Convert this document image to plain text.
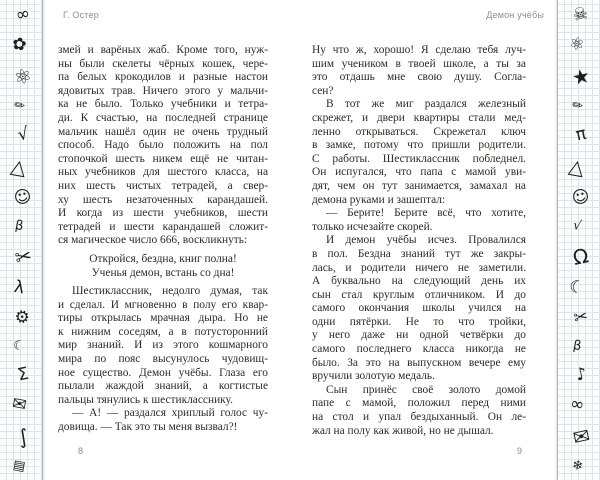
∞
✿
⚛
✏
√
△
☺
β
✂
λ
⚙
☾
Σ
✉
∫
▤
☠
⚛
★
✏
π
△
☺
√
Ω
☾
✂
β
♪
∞
✉
❄
Г. Остер
змей и варёных жаб. Кроме того, нуж-
ны были скелеты чёрных кошек, чере-
па белых крокодилов и разные настои
ядовитых трав. Ничего этого у мальчи-
ка не было. Только учебники и тетра-
ди. К счастью, на последней странице
мальчик нашёл один не очень трудный
способ. Надо было положить на пол
стопочкой шесть никем ещё не читан-
ных учебников для шестого класса, на
них шесть чистых тетрадей, а свер-
ху шесть незаточенных карандашей.
И когда из шести учебников, шести
тетрадей и шести карандашей сложит-
ся магическое число 666, воскликнуть:
Откройся, бездна, книг полна!
Ученья демон, встань со дна!
Шестиклассник, недолго думая, так
и сделал. И мгновенно в полу его квар-
тиры открылась мрачная дыра. Но не
к нижним соседям, а в потусторонний
мир знаний. И из этого кошмарного
мира по пояс высунулось чудовищ-
ное существо. Демон учёбы. Глаза его
пылали жаждой знаний, а когтистые
пальцы тянулись к шестикласснику.
— А! — раздался хриплый голос чу-
довища. — Так это ты меня вызвал?!
8
Демон учёбы
Ну что ж, хорошо! Я сделаю тебя луч-
шим учеником в твоей школе, а ты за
это отдашь мне свою душу. Согла-
сен?
В тот же миг раздался железный
скрежет, и двери квартиры стали мед-
ленно открываться. Скрежетал ключ
в замке, потому что пришли родители.
С работы. Шестиклассник побледнел.
Он испугался, что папа с мамой уви-
дят, чем он тут занимается, замахал на
демона руками и зашептал:
— Берите! Берите всё, что хотите,
только исчезайте скорей.
И демон учёбы исчез. Провалился
в пол. Бездна знаний тут же закры-
лась, и родители ничего не заметили.
А буквально на следующий день их
сын стал круглым отличником. И до
самого окончания школы учился на
одни пятёрки. Не то что тройки,
у него даже ни одной четвёрки до
самого последнего класса никогда не
было. За это на выпускном вечере ему
вручили золотую медаль.
Сын принёс своё золото домой
папе с мамой, положил перед ними
на стол и упал бездыханный. Он ле-
жал на полу как живой, но не дышал.
9
